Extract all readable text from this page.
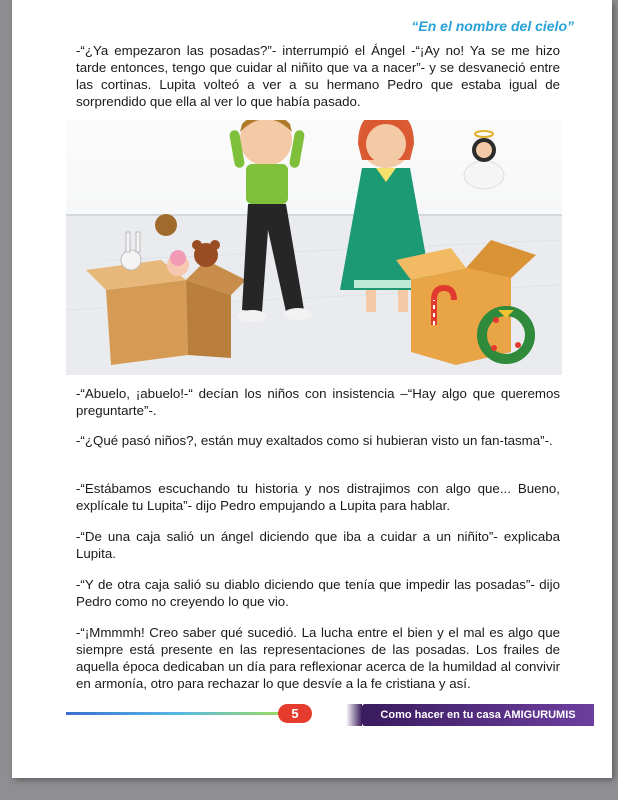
“En el nombre del cielo”

-“¿Ya empezaron las posadas?”- interrumpió el Ángel -“¡Ay no! Ya se me hizo tarde entonces, tengo que cuidar al niñito que va a nacer”- y se desvaneció entre las cortinas. Lupita volteó a ver a su hermano Pedro que estaba igual de sorprendido que ella al ver lo que había pasado.

-“Abuelo, ¡abuelo!-“ decían los niños con insistencia –“Hay algo que queremos preguntarte”-.

-“¿Qué pasó niños?, están muy exaltados como si hubieran visto un fan-tasma”-.

-“Estábamos escuchando tu historia y nos distrajimos con algo que... Bueno, explícale tu Lupita”- dijo Pedro empujando a Lupita para hablar.

-“De una caja salió un ángel diciendo que iba a cuidar a un niñito”- explicaba Lupita.

-“Y de otra caja salió su diablo diciendo que tenía que impedir las posadas”- dijo Pedro como no creyendo lo que vio.

-“¡Mmmmh! Creo saber qué sucedió. La lucha entre el bien y el mal es algo que siempre está presente en las representaciones de las posadas. Los frailes de aquella época dedicaban un día para reflexionar acerca de la humildad al convivir en armonía, otro para rechazar lo que desvíe a la fe cristiana y así.

5	Como hacer en tu casa AMIGURUMIS
